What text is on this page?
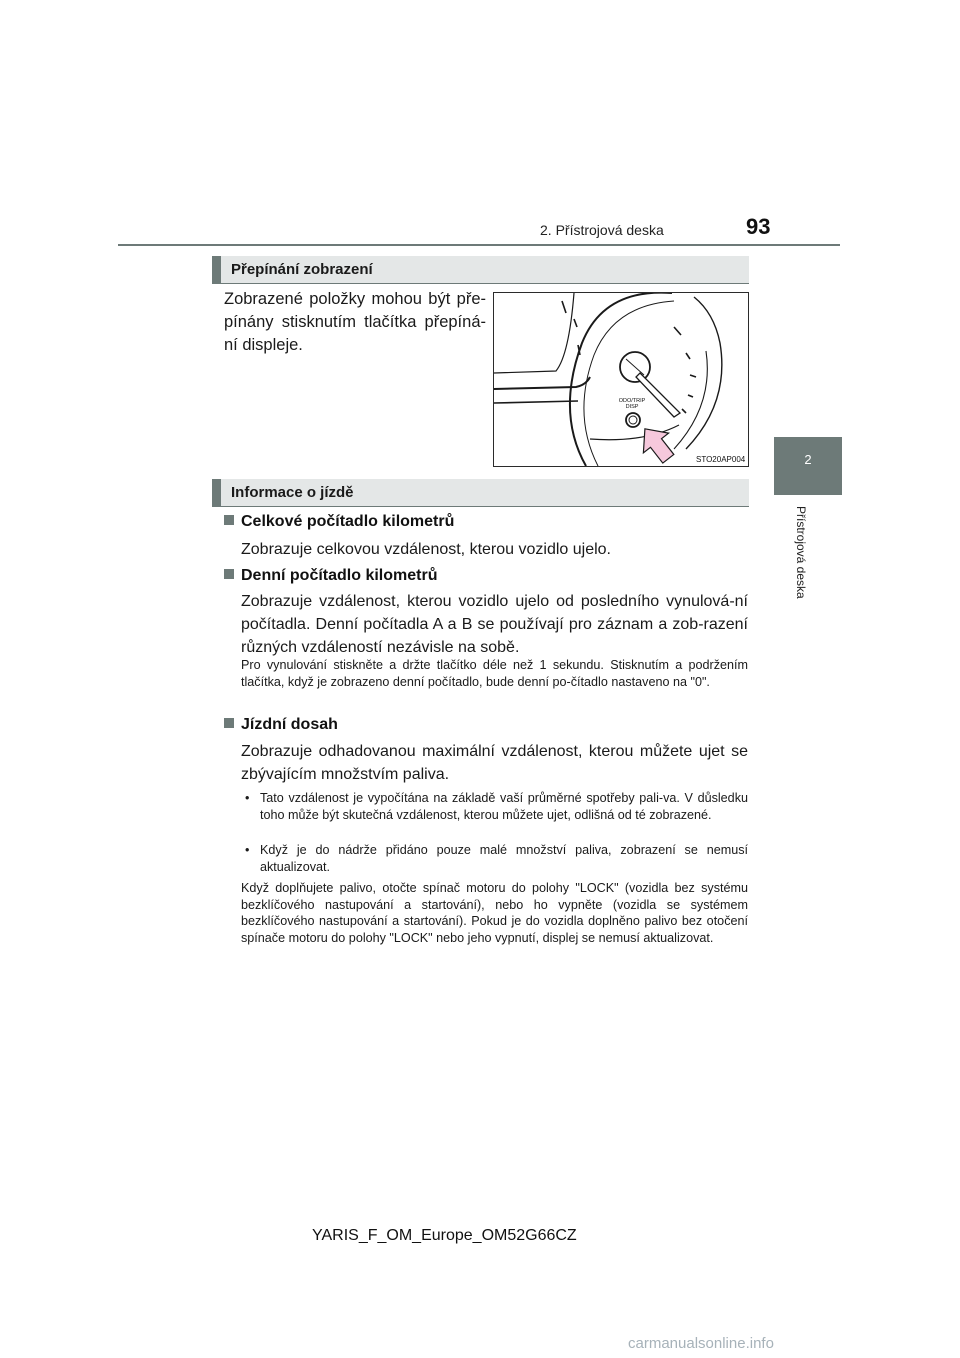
2. Přístrojová deska	93
2
Přístrojová deska
Přepínání zobrazení
Zobrazené položky mohou být pře-pínány stisknutím tlačítka přepíná-ní displeje.
ODO/TRIP
DISP
STO20AP004
Informace o jízdě
Celkové počítadlo kilometrů
Zobrazuje celkovou vzdálenost, kterou vozidlo ujelo.
Denní počítadlo kilometrů
Zobrazuje vzdálenost, kterou vozidlo ujelo od posledního vynulová-ní počítadla. Denní počítadla A a B se používají pro záznam a zob-razení různých vzdáleností nezávisle na sobě.
Pro vynulování stiskněte a držte tlačítko déle než 1 sekundu. Stisknutím a podržením tlačítka, když je zobrazeno denní počítadlo, bude denní po-čítadlo nastaveno na "0".
Jízdní dosah
Zobrazuje odhadovanou maximální vzdálenost, kterou můžete ujet se zbývajícím množstvím paliva.
• Tato vzdálenost je vypočítána na základě vaší průměrné spotřeby pali-va. V důsledku toho může být skutečná vzdálenost, kterou můžete ujet, odlišná od té zobrazené.
• Když je do nádrže přidáno pouze malé množství paliva, zobrazení se nemusí aktualizovat.
Když doplňujete palivo, otočte spínač motoru do polohy "LOCK" (vozidla bez systému bezklíčového nastupování a startování), nebo ho vypněte (vozidla se systémem bezklíčového nastupování a startování). Pokud je do vozidla doplněno palivo bez otočení spínače motoru do polohy "LOCK" nebo jeho vypnutí, displej se nemusí aktualizovat.
YARIS_F_OM_Europe_OM52G66CZ
carmanualsonline.info
